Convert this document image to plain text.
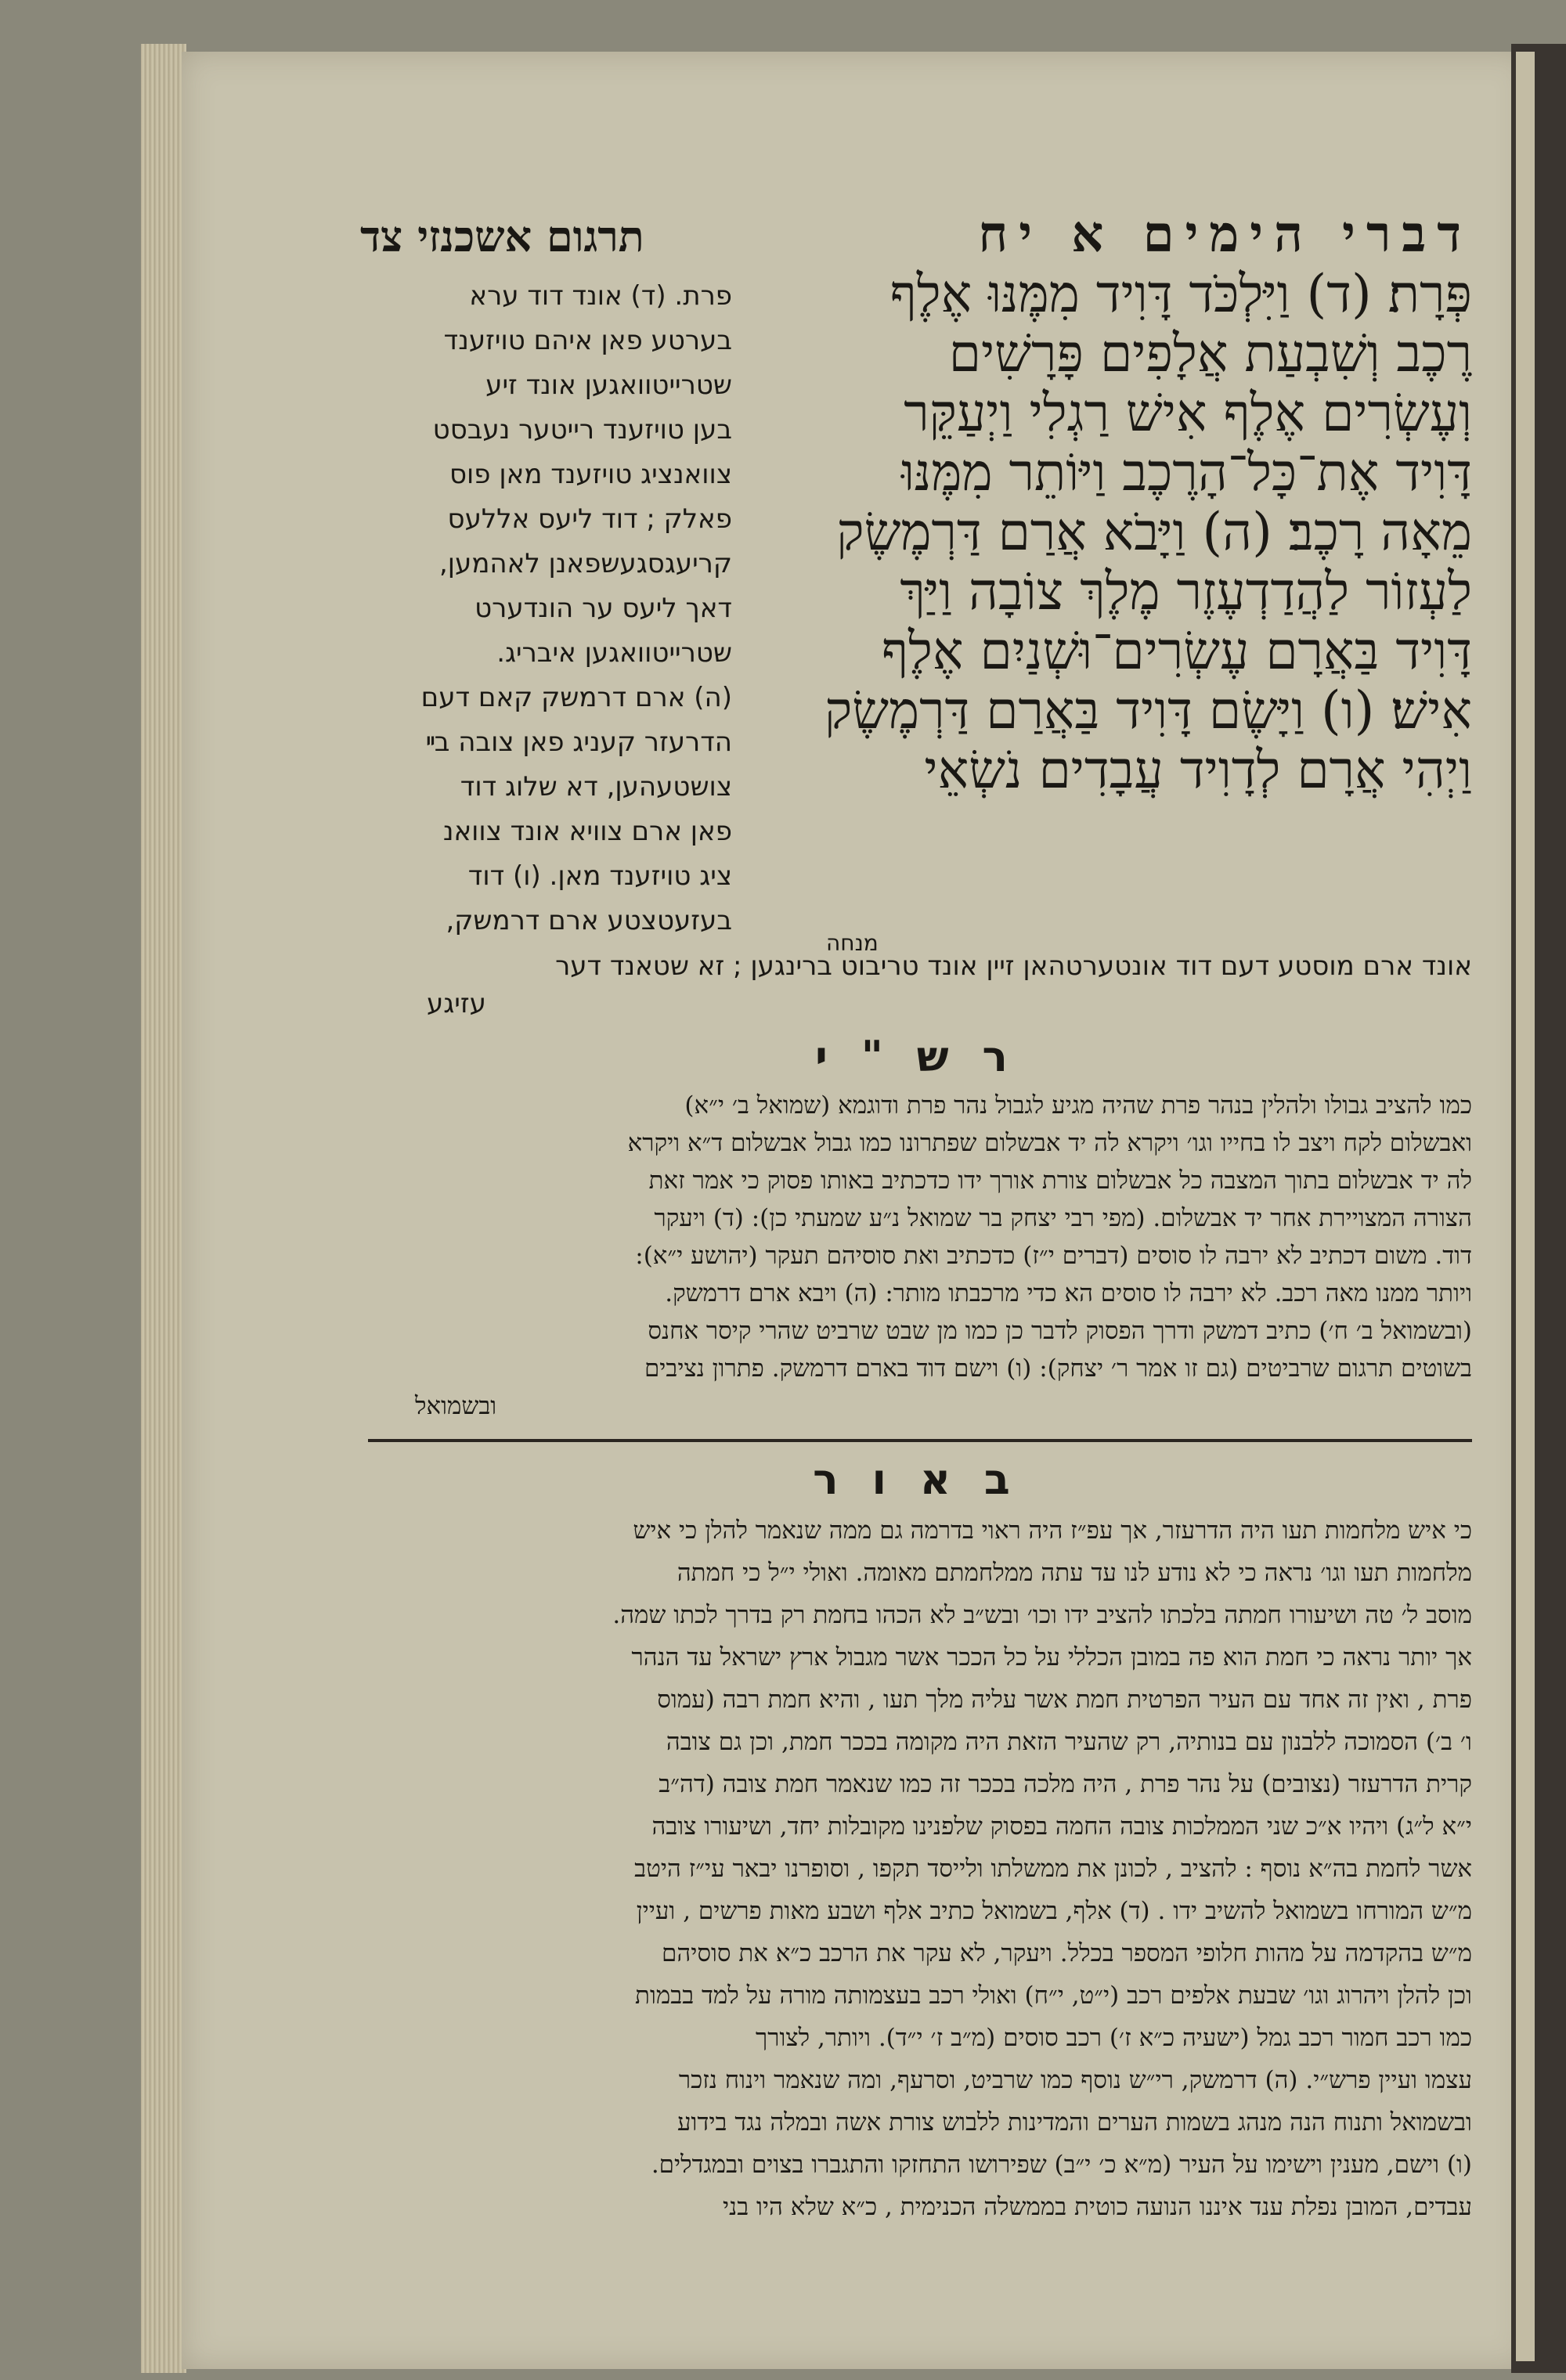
דברי הימים א יח
תרגום אשכנזי צד
פְּרָת׃ (ד) וַיִּלְכֹּד דָּוִיד מִמֶּנּוּ אֶלֶף
רֶכֶב וְשִׁבְעַת אֲלָפִים פָּרָשִׁים
וְעֶשְׂרִים אֶלֶף אִישׁ רַגְלִי וַיְעַקֵּר
דָּוִיד אֶת־כָּל־הָרֶכֶב וַיּוֹתֵר מִמֶּנּוּ
מֵאָה רָכֶב׃ (ה) וַיָּבֹא אֲרַם דַּרְמֶשֶׂק
לַעְזוֹר לַהֲדַדְעֶזֶר מֶלֶךְ צוֹבָה וַיַּךְ
דָּוִיד בַּאֲרָם עֶשְׂרִים־וּשְׁנַיִם אֶלֶף
אִישׁ׃ (ו) וַיָּשֶׂם דָּוִיד בַּאֲרַם דַּרְמֶשֶׂק
וַיְהִי אֲרָם לְדָוִיד עֲבָדִים נֹשְׂאֵי
מנחה
פרת. (ד) אונד דוד ערא
בערטע פאן איהם טויזענד
שטרייטוואגען אונד זיע
בען טויזענד רייטער נעבסט
צוואנציג טויזענד מאן פוס
פאלק ; דוד ליעס אללעס
קריעגסגעשפאנן לאהמען,
דאך ליעס ער הונדערט
שטרייטוואגען איבריג.
(ה) ארם דרמשק קאם דעם
הדרעזר קעניג פאן צובה בײ
צושטעהען, דא שלוג דוד
פאן ארם צוויא אונד צוואנ
ציג טויזענד מאן. (ו) דוד
בעזעטצטע ארם דרמשק,
אונד ארם מוסטע דעם דוד אונטערטהאן זיין אונד טריבוט ברינגען ; זא שטאנד דער
עזיגע
ר ש " י
כמו להציב גבולו ולהלין בנהר פרת שהיה מגיע לגבול נהר פרת ודוגמא (שמואל ב׳ י״א)
ואבשלום לקח ויצב לו בחייו וגו׳ ויקרא לה יד אבשלום שפתרונו כמו גבול אבשלום ד״א ויקרא
לה יד אבשלום בתוך המצבה כל אבשלום צורת אורך ידו כדכתיב באותו פסוק כי אמר זאת
הצורה המצויירת אחר יד אבשלום. (מפי רבי יצחק בר שמואל נ״ע שמעתי כן): (ד) ויעקר
דוד. משום דכתיב לא ירבה לו סוסים (דברים י״ז) כדכתיב ואת סוסיהם תעקר (יהושע י״א):
ויותר ממנו מאה רכב. לא ירבה לו סוסים הא כדי מרכבתו מותר: (ה) ויבא ארם דרמשק.
(ובשמואל ב׳ ח׳) כתיב דמשק ודרך הפסוק לדבר כן כמו מן שבט שרביט שהרי קיסר אחנס
בשוטים תרגום שרביטים (גם זו אמר ר׳ יצחק): (ו) וישם דוד בארם דרמשק. פתרון נציבים
ובשמואל
ב א ו ר
כי איש מלחמות תעו היה הדרעזר, אך עפ״ז היה ראוי בדרמה גם ממה שנאמר להלן כי איש
מלחמות תעו וגו׳ נראה כי לא נודע לנו עד עתה ממלחמתם מאומה. ואולי י״ל כי חמתה
מוסב ל׳ טה ושיעורו חמתה בלכתו להציב ידו וכו׳ ובש״ב לא הכהו בחמת רק בדרך לכתו שמה.
אך יותר נראה כי חמת הוא פה במובן הכללי על כל הככר אשר מגבול ארץ ישראל עד הנהר
פרת , ואין זה אחד עם העיר הפרטית חמת אשר עליה מלך תעו , והיא חמת רבה (עמוס
ו׳ ב׳) הסמוכה ללבנון עם בנותיה, רק שהעיר הזאת היה מקומה בככר חמת, וכן גם צובה
קרית הדרעזר (נצובים) על נהר פרת , היה מלכה בככר זה כמו שנאמר חמת צובה (דה״ב
י״א ל״ג) ויהיו א״כ שני הממלכות צובה החמה בפסוק שלפנינו מקובלות יחד, ושיעורו צובה
אשר לחמת בה״א נוסף : להציב , לכונן את ממשלתו ולייסד תקפו , וסופרנו יבאר עי״ז היטב
מ״ש המורחו בשמואל להשיב ידו . (ד) אלף, בשמואל כתיב אלף ושבע מאות פרשים , ועיין
מ״ש בהקדמה על מהות חלופי המספר בכלל. ויעקר, לא עקר את הרכב כ״א את סוסיהם
וכן להלן ויהרוג וגו׳ שבעת אלפים רכב (י״ט, י״ח) ואולי רכב בעצמותה מורה על למד בבמות
כמו רכב חמור רכב גמל (ישעיה כ״א ז׳) רכב סוסים (מ״ב ז׳ י״ד). ויותר, לצורך
עצמו ועיין פרש״י. (ה) דרמשק, רי״ש נוסף כמו שרביט, וסרעף, ומה שנאמר וינוח נזכר
ובשמואל ותנוח הנה מנהג בשמות הערים והמדינות ללבוש צורת אשה ובמלה נגד בידוע
(ו) וישם, מענין וישימו על העיר (מ״א כ׳ י״ב) שפירושו התחזקו והתגברו בצוים ובמגדלים.
עבדים, המובן נפלת ענד איננו הנועה כוטית בממשלה הכנימית , כ״א שלא היו בני
